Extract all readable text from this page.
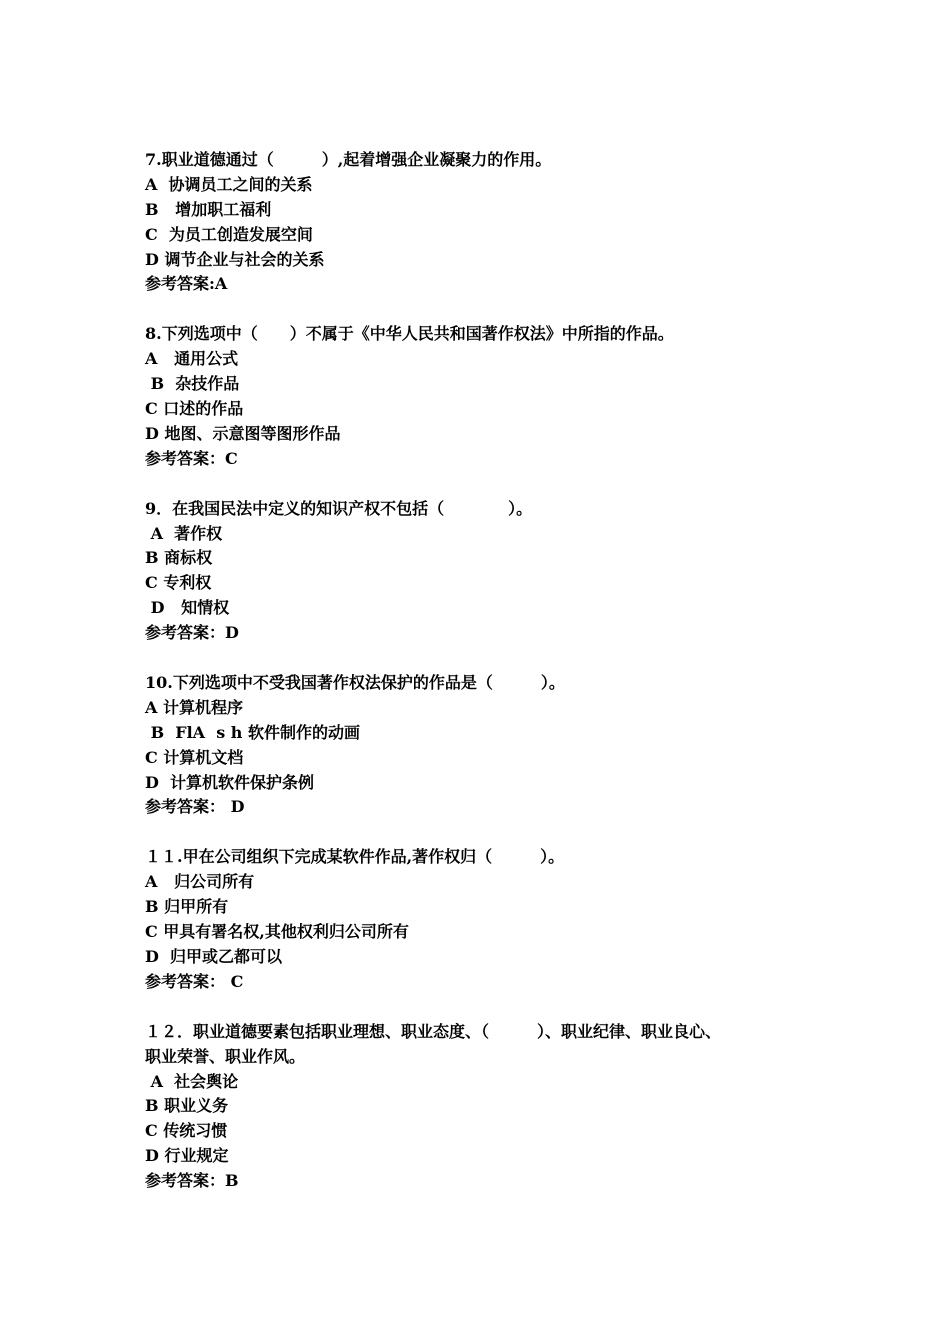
7.职业道德通过（　　　）,起着增强企业凝聚力的作用。
A  协调员工之间的关系
B   增加职工福利
C  为员工创造发展空间
D 调节企业与社会的关系
参考答案:A
8.下列选项中（　　）不属于《中华人民共和国著作权法》中所指的作品。
A   通用公式
B  杂技作品
C 口述的作品
D 地图、示意图等图形作品
参考答案：C
9．在我国民法中定义的知识产权不包括（　　　　）。
A  著作权
B 商标权
C 专利权
D   知情权
参考答案：D
10.下列选项中不受我国著作权法保护的作品是（　　　）。
A 计算机程序
B  FlA  s h 软件制作的动画
C 计算机文档
D  计算机软件保护条例
参考答案： D
１１.甲在公司组织下完成某软件作品,著作权归（　　　）。
A   归公司所有
B 归甲所有
C 甲具有署名权,其他权利归公司所有
D  归甲或乙都可以
参考答案： C
１２．职业道德要素包括职业理想、职业态度、（　　　）、职业纪律、职业良心、
职业荣誉、职业作风。
A  社会舆论
B 职业义务
C 传统习惯
D 行业规定
参考答案：B
